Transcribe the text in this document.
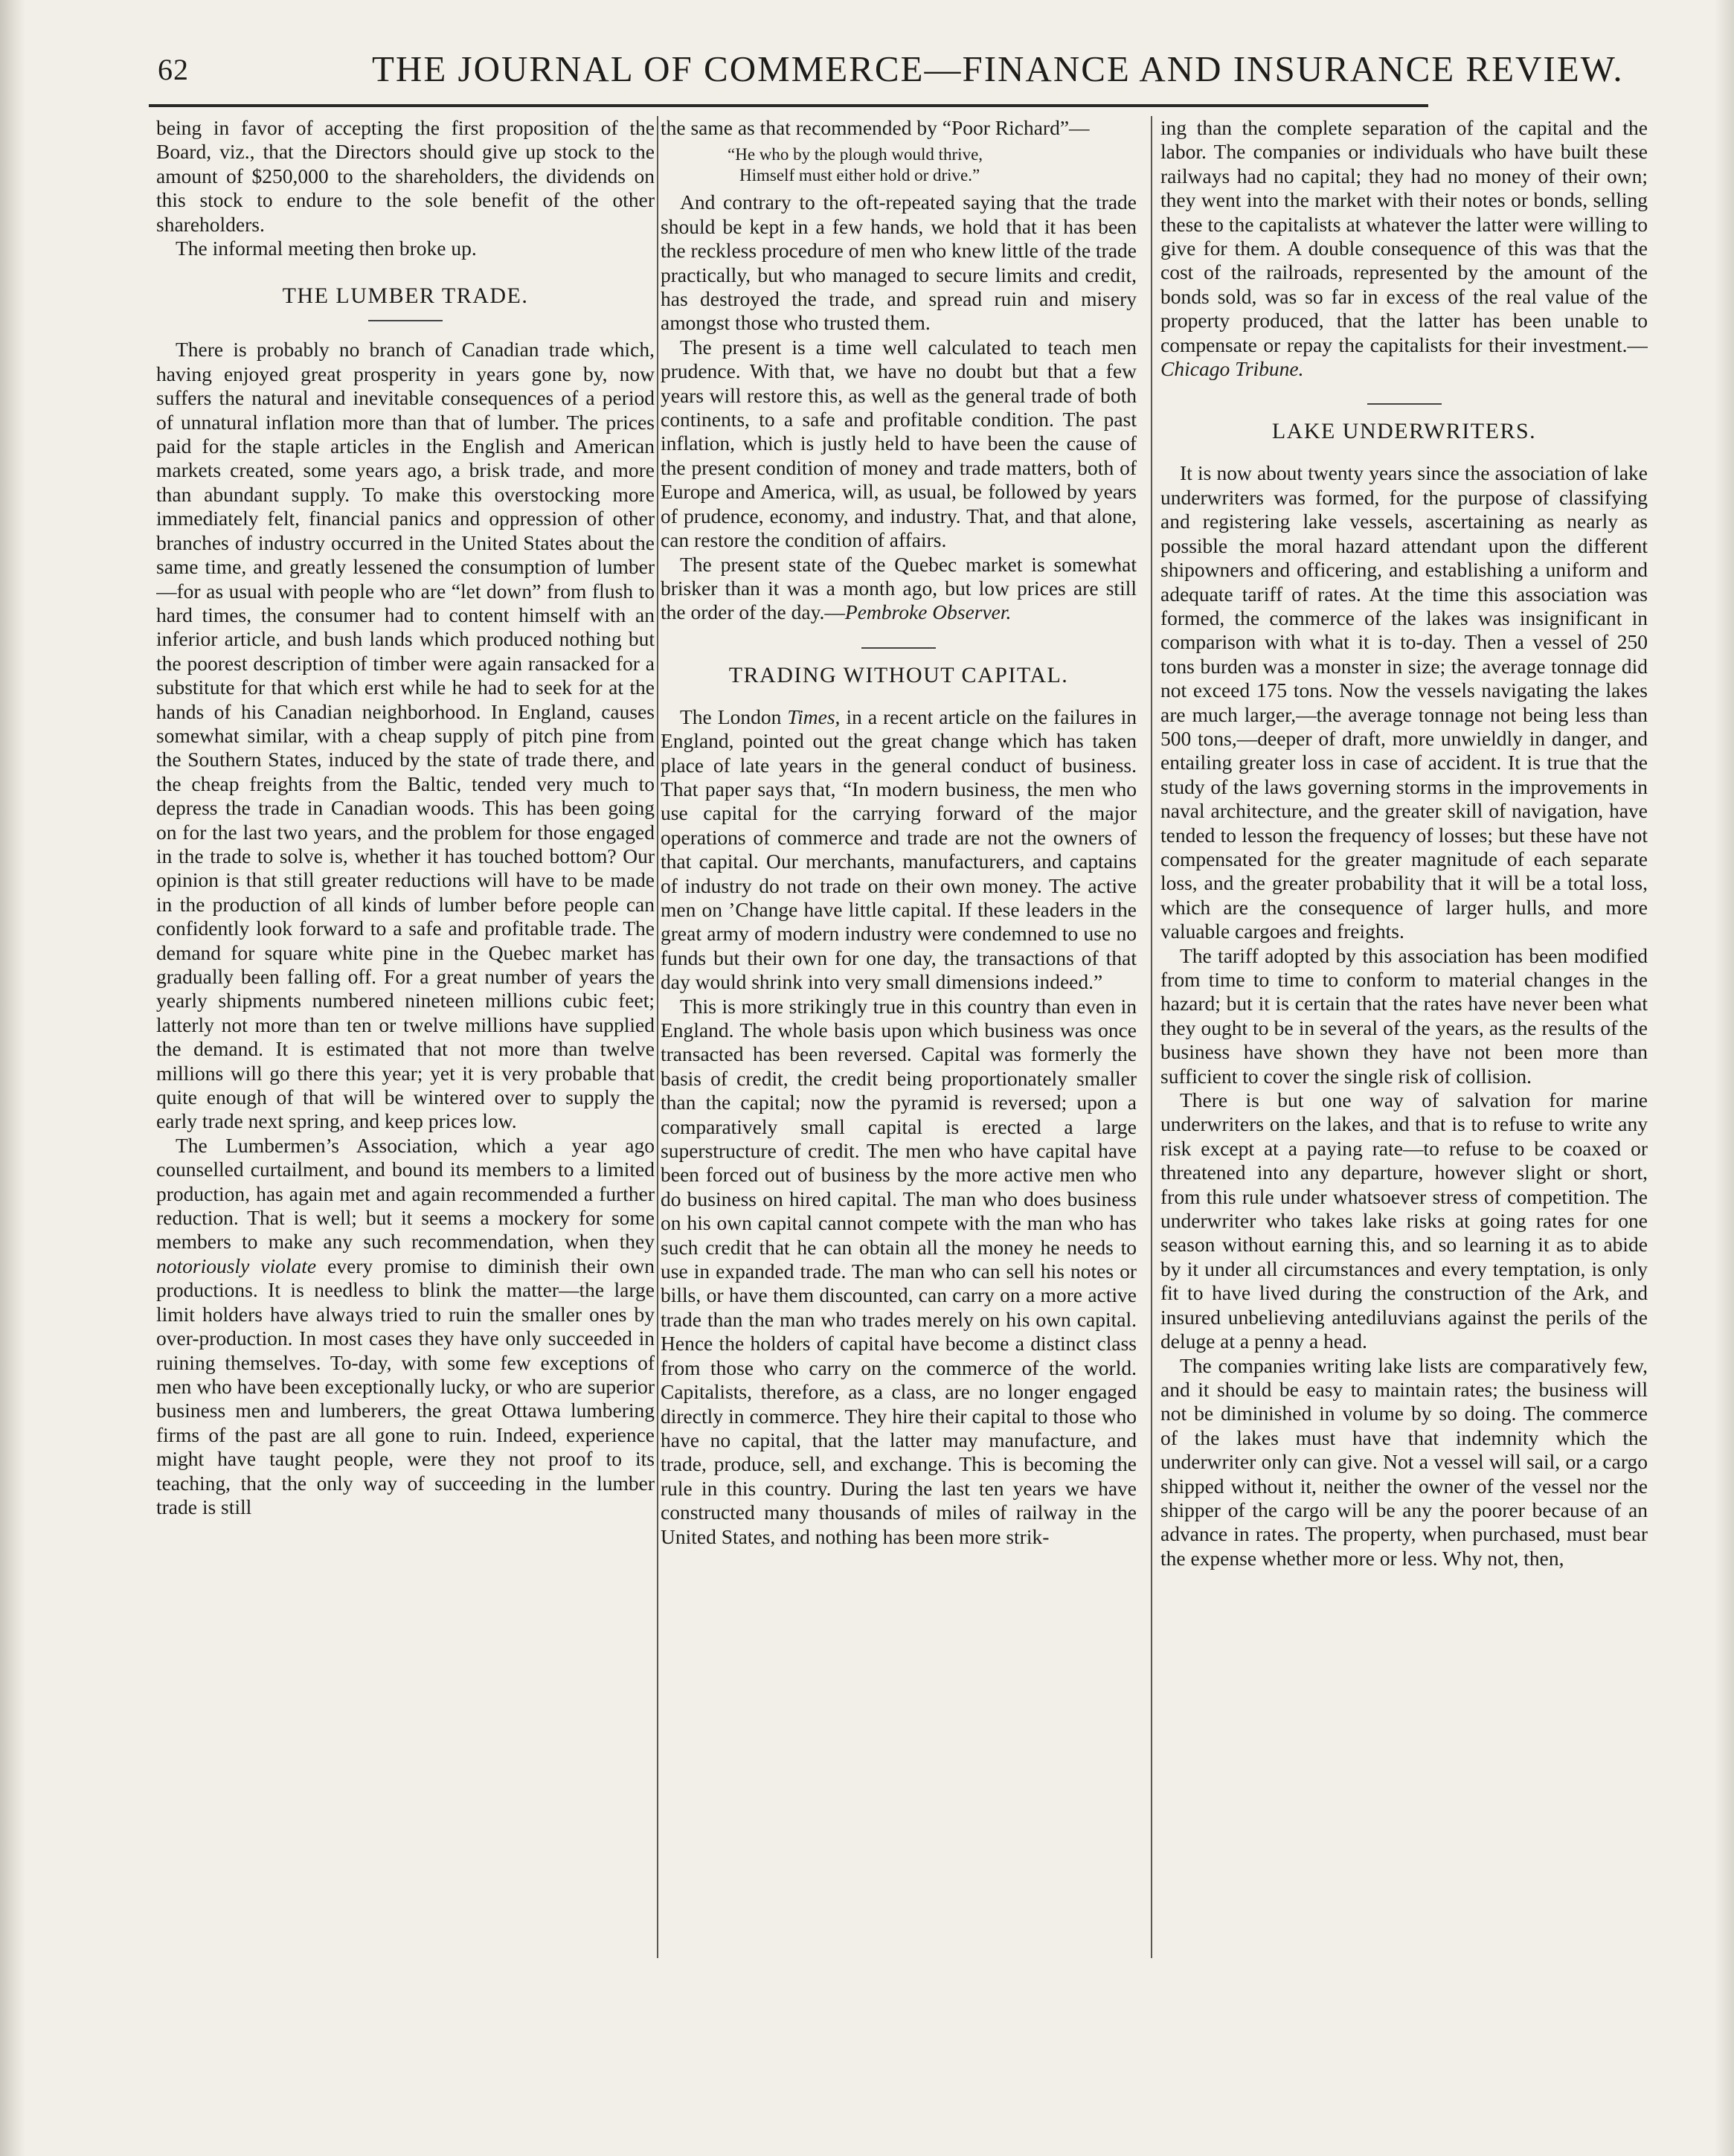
62	THE JOURNAL OF COMMERCE—FINANCE AND INSURANCE REVIEW.

being in favor of accepting the first proposition of the Board, viz., that the Directors should give up stock to the amount of $250,000 to the shareholders, the dividends on this stock to endure to the sole benefit of the other shareholders.

The informal meeting then broke up.

THE LUMBER TRADE.

There is probably no branch of Canadian trade which, having enjoyed great prosperity in years gone by, now suffers the natural and inevitable consequences of a period of unnatural inflation more than that of lumber. The prices paid for the staple articles in the English and American markets created, some years ago, a brisk trade, and more than abundant supply. To make this overstocking more immediately felt, financial panics and oppression of other branches of industry occurred in the United States about the same time, and greatly lessened the consumption of lumber—for as usual with people who are “let down” from flush to hard times, the consumer had to content himself with an inferior article, and bush lands which produced nothing but the poorest description of timber were again ransacked for a substitute for that which erst while he had to seek for at the hands of his Canadian neighborhood. In England, causes somewhat similar, with a cheap supply of pitch pine from the Southern States, induced by the state of trade there, and the cheap freights from the Baltic, tended very much to depress the trade in Canadian woods. This has been going on for the last two years, and the problem for those engaged in the trade to solve is, whether it has touched bottom? Our opinion is that still greater reductions will have to be made in the production of all kinds of lumber before people can confidently look forward to a safe and profitable trade. The demand for square white pine in the Quebec market has gradually been falling off. For a great number of years the yearly shipments numbered nineteen millions cubic feet; latterly not more than ten or twelve millions have supplied the demand. It is estimated that not more than twelve millions will go there this year; yet it is very probable that quite enough of that will be wintered over to supply the early trade next spring, and keep prices low.

The Lumbermen’s Association, which a year ago counselled curtailment, and bound its members to a limited production, has again met and again recommended a further reduction. That is well; but it seems a mockery for some members to make any such recommendation, when they notoriously violate every promise to diminish their own productions. It is needless to blink the matter—the large limit holders have always tried to ruin the smaller ones by over-production. In most cases they have only succeeded in ruining themselves. To-day, with some few exceptions of men who have been exceptionally lucky, or who are superior business men and lumberers, the great Ottawa lumbering firms of the past are all gone to ruin. Indeed, experience might have taught people, were they not proof to its teaching, that the only way of succeeding in the lumber trade is still

the same as that recommended by “Poor Richard”—

“He who by the plough would thrive,
Himself must either hold or drive.”

And contrary to the oft-repeated saying that the trade should be kept in a few hands, we hold that it has been the reckless procedure of men who knew little of the trade practically, but who managed to secure limits and credit, has destroyed the trade, and spread ruin and misery amongst those who trusted them.

The present is a time well calculated to teach men prudence. With that, we have no doubt but that a few years will restore this, as well as the general trade of both continents, to a safe and profitable condition. The past inflation, which is justly held to have been the cause of the present condition of money and trade matters, both of Europe and America, will, as usual, be followed by years of prudence, economy, and industry. That, and that alone, can restore the condition of affairs.

The present state of the Quebec market is somewhat brisker than it was a month ago, but low prices are still the order of the day.—Pembroke Observer.

TRADING WITHOUT CAPITAL.

The London Times, in a recent article on the failures in England, pointed out the great change which has taken place of late years in the general conduct of business. That paper says that, “In modern business, the men who use capital for the carrying forward of the major operations of commerce and trade are not the owners of that capital. Our merchants, manufacturers, and captains of industry do not trade on their own money. The active men on ’Change have little capital. If these leaders in the great army of modern industry were condemned to use no funds but their own for one day, the transactions of that day would shrink into very small dimensions indeed.”

This is more strikingly true in this country than even in England. The whole basis upon which business was once transacted has been reversed. Capital was formerly the basis of credit, the credit being proportionately smaller than the capital; now the pyramid is reversed; upon a comparatively small capital is erected a large superstructure of credit. The men who have capital have been forced out of business by the more active men who do business on hired capital. The man who does business on his own capital cannot compete with the man who has such credit that he can obtain all the money he needs to use in expanded trade. The man who can sell his notes or bills, or have them discounted, can carry on a more active trade than the man who trades merely on his own capital. Hence the holders of capital have become a distinct class from those who carry on the commerce of the world. Capitalists, therefore, as a class, are no longer engaged directly in commerce. They hire their capital to those who have no capital, that the latter may manufacture, and trade, produce, sell, and exchange. This is becoming the rule in this country. During the last ten years we have constructed many thousands of miles of railway in the United States, and nothing has been more strik-

ing than the complete separation of the capital and the labor. The companies or individuals who have built these railways had no capital; they had no money of their own; they went into the market with their notes or bonds, selling these to the capitalists at whatever the latter were willing to give for them. A double consequence of this was that the cost of the railroads, represented by the amount of the bonds sold, was so far in excess of the real value of the property produced, that the latter has been unable to compensate or repay the capitalists for their investment.—Chicago Tribune.

LAKE UNDERWRITERS.

It is now about twenty years since the association of lake underwriters was formed, for the purpose of classifying and registering lake vessels, ascertaining as nearly as possible the moral hazard attendant upon the different shipowners and officering, and establishing a uniform and adequate tariff of rates. At the time this association was formed, the commerce of the lakes was insignificant in comparison with what it is to-day. Then a vessel of 250 tons burden was a monster in size; the average tonnage did not exceed 175 tons. Now the vessels navigating the lakes are much larger,—the average tonnage not being less than 500 tons,—deeper of draft, more unwieldly in danger, and entailing greater loss in case of accident. It is true that the study of the laws governing storms in the improvements in naval architecture, and the greater skill of navigation, have tended to lesson the frequency of losses; but these have not compensated for the greater magnitude of each separate loss, and the greater probability that it will be a total loss, which are the consequence of larger hulls, and more valuable cargoes and freights.

The tariff adopted by this association has been modified from time to time to conform to material changes in the hazard; but it is certain that the rates have never been what they ought to be in several of the years, as the results of the business have shown they have not been more than sufficient to cover the single risk of collision.

There is but one way of salvation for marine underwriters on the lakes, and that is to refuse to write any risk except at a paying rate—to refuse to be coaxed or threatened into any departure, however slight or short, from this rule under whatsoever stress of competition. The underwriter who takes lake risks at going rates for one season without earning this, and so learning it as to abide by it under all circumstances and every temptation, is only fit to have lived during the construction of the Ark, and insured unbelieving antediluvians against the perils of the deluge at a penny a head.

The companies writing lake lists are comparatively few, and it should be easy to maintain rates; the business will not be diminished in volume by so doing. The commerce of the lakes must have that indemnity which the underwriter only can give. Not a vessel will sail, or a cargo shipped without it, neither the owner of the vessel nor the shipper of the cargo will be any the poorer because of an advance in rates. The property, when purchased, must bear the expense whether more or less. Why not, then,
